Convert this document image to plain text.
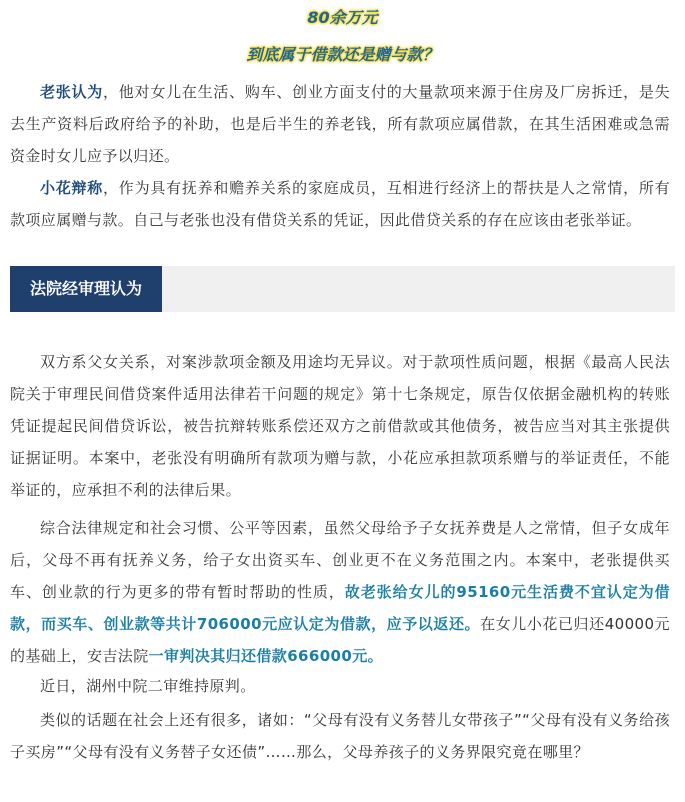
80余万元
到底属于借款还是赠与款？

老张认为，他对女儿在生活、购车、创业方面支付的大量款项来源于住房及厂房拆迁，是失去生产资料后政府给予的补助，也是后半生的养老钱，所有款项应属借款，在其生活困难或急需资金时女儿应予以归还。

小花辩称，作为具有抚养和赡养关系的家庭成员，互相进行经济上的帮扶是人之常情，所有款项应属赠与款。自己与老张也没有借贷关系的凭证，因此借贷关系的存在应该由老张举证。

法院经审理认为

双方系父女关系，对案涉款项金额及用途均无异议。对于款项性质问题，根据《最高人民法院关于审理民间借贷案件适用法律若干问题的规定》第十七条规定，原告仅依据金融机构的转账凭证提起民间借贷诉讼，被告抗辩转账系偿还双方之前借款或其他债务，被告应当对其主张提供证据证明。本案中，老张没有明确所有款项为赠与款，小花应承担款项系赠与的举证责任，不能举证的，应承担不利的法律后果。

综合法律规定和社会习惯、公平等因素，虽然父母给予子女抚养费是人之常情，但子女成年后，父母不再有抚养义务，给子女出资买车、创业更不在义务范围之内。本案中，老张提供买车、创业款的行为更多的带有暂时帮助的性质，故老张给女儿的95160元生活费不宜认定为借款，而买车、创业款等共计706000元应认定为借款，应予以返还。在女儿小花已归还40000元的基础上，安吉法院一审判决其归还借款666000元。

近日，湖州中院二审维持原判。

类似的话题在社会上还有很多，诸如：“父母有没有义务替儿女带孩子”“父母有没有义务给孩子买房”“父母有没有义务替子女还债”……那么，父母养孩子的义务界限究竟在哪里？
